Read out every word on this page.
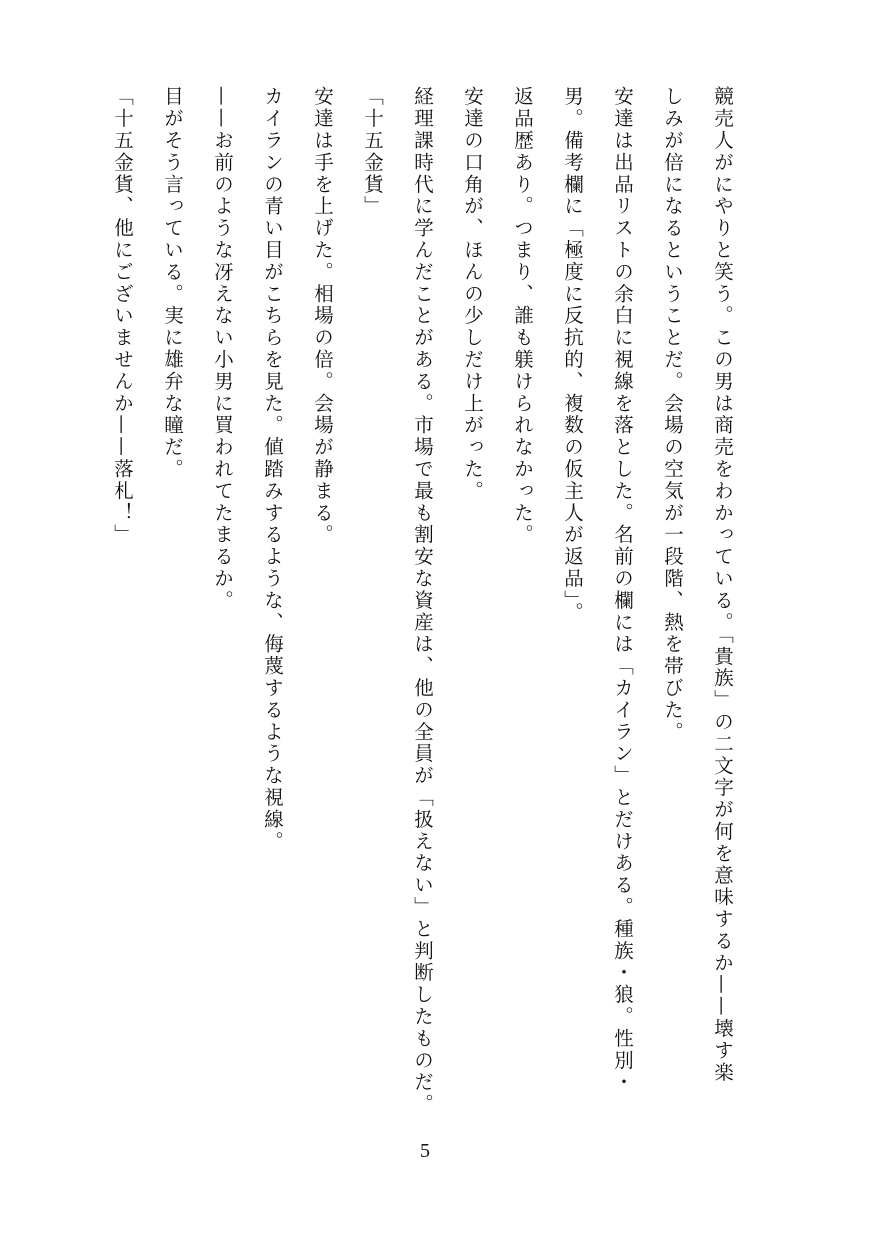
競売人がにやりと笑う。この男は商売をわかっている。「貴族」の二文字が何を意味するか——壊す楽
しみが倍になるということだ。会場の空気が一段階、熱を帯びた。
安達は出品リストの余白に視線を落とした。名前の欄には「カイラン」とだけある。種族・狼。性別・
男。備考欄に「極度に反抗的、複数の仮主人が返品」。
返品歴あり。つまり、誰も躾けられなかった。
安達の口角が、ほんの少しだけ上がった。
経理課時代に学んだことがある。市場で最も割安な資産は、他の全員が「扱えない」と判断したものだ。
「十五金貨」
安達は手を上げた。相場の倍。会場が静まる。
カイランの青い目がこちらを見た。値踏みするような、侮蔑するような視線。
——お前のような冴えない小男に買われてたまるか。
目がそう言っている。実に雄弁な瞳だ。
「十五金貨、他にございませんか——落札！」
5
